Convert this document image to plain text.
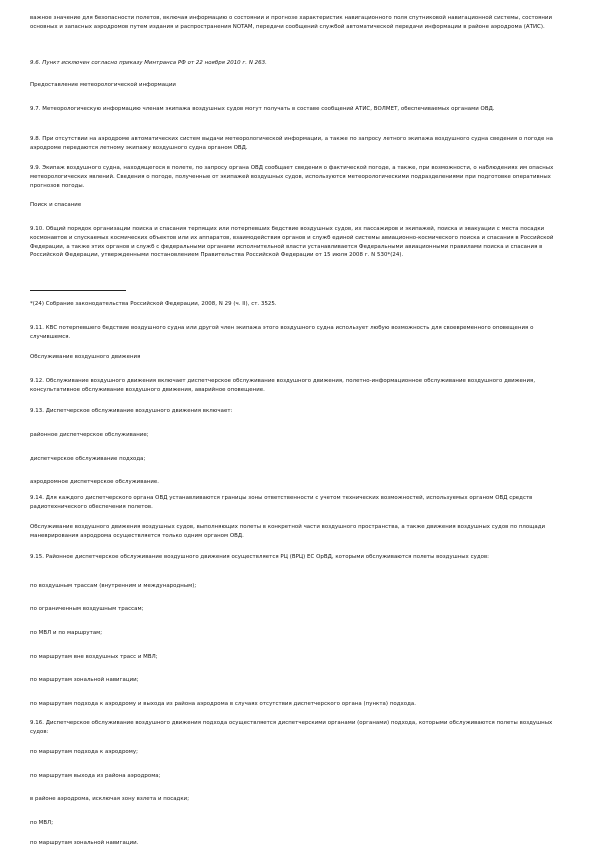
важное значение для безопасности полетов, включая информацию о состоянии и прогнозе характеристик навигационного поля спутниковой навигационной системы, состоянии основных и запасных аэродромов путем издания и распространения NOTAM, передачи сообщений службой автоматической передачи информации в районе аэродрома (АТИС).

9.6. Пункт исключен согласно приказу Минтранса РФ от 22 ноября 2010 г. N 263.

Предоставление метеорологической информации

9.7. Метеорологическую информацию членам экипажа воздушных судов могут получать в составе сообщений АТИС, ВОЛМЕТ, обеспечиваемых органами ОВД.

9.8. При отсутствии на аэродроме автоматических систем выдачи метеорологической информации, а также по запросу летного экипажа воздушного судна сведения о погоде на аэродроме передаются летному экипажу воздушного судна органом ОВД.

9.9. Экипаж воздушного судна, находящегося в полете, по запросу органа ОВД сообщает сведения о фактической погоде, а также, при возможности, о наблюдениях им опасных метеорологических явлений. Сведения о погоде, полученные от экипажей воздушных судов, используются метеорологическими подразделениями при подготовке оперативных прогнозов погоды.

Поиск и спасание

9.10. Общий порядок организации поиска и спасания терпящих или потерпевших бедствие воздушных судов, их пассажиров и экипажей, поиска и эвакуации с места посадки космонавтов и спускаемых космических объектов или их аппаратов, взаимодействия органов и служб единой системы авиационно-космического поиска и спасания в Российской Федерации, а также этих органов и служб с федеральными органами исполнительной власти устанавливается Федеральными авиационными правилами поиска и спасания в Российской Федерации, утвержденными постановлением Правительства Российской Федерации от 15 июля 2008 г. N 530*(24).

*(24) Собрание законодательства Российской Федерации, 2008, N 29 (ч. II), ст. 3525.

9.11. КВС потерпевшего бедствие воздушного судна или другой член экипажа этого воздушного судна использует любую возможность для своевременного оповещения о случившемся.

Обслуживание воздушного движения

9.12. Обслуживание воздушного движения включает диспетчерское обслуживание воздушного движения, полетно-информационное обслуживание воздушного движения, консультативное обслуживание воздушного движения, аварийное оповещение.

9.13. Диспетчерское обслуживание воздушного движения включает:

районное диспетчерское обслуживание;

диспетчерское обслуживание подхода;

аэродромное диспетчерское обслуживание.

9.14. Для каждого диспетчерского органа ОВД устанавливаются границы зоны ответственности с учетом технических возможностей, используемых органом ОВД средств радиотехнического обеспечения полетов.

Обслуживание воздушного движения воздушных судов, выполняющих полеты в конкретной части воздушного пространства, а также движения воздушных судов по площади маневрирования аэродрома осуществляется только одним органом ОВД.

9.15. Районное диспетчерское обслуживание воздушного движения осуществляется РЦ (ВРЦ) ЕС ОрВД, которыми обслуживаются полеты воздушных судов:

по воздушным трассам (внутренним и международным);

по ограниченным воздушным трассам;

по МВЛ и по маршрутам;

по маршрутам вне воздушных трасс и МВЛ;

по маршрутам зональной навигации;

по маршрутам подхода к аэродрому и выхода из района аэродрома в случаях отсутствия диспетчерского органа (пункта) подхода.

9.16. Диспетчерское обслуживание воздушного движения подхода осуществляется диспетчерскими органами (органами) подхода, которыми обслуживаются полеты воздушных судов:

по маршрутам подхода к аэродрому;

по маршрутам выхода из района аэродрома;

в районе аэродрома, исключая зону взлета и посадки;

по МВЛ;

по маршрутам зональной навигации.
